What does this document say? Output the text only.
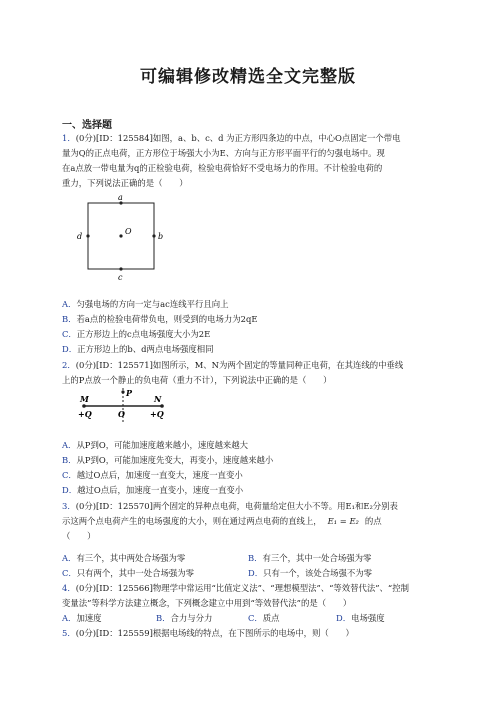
可编辑修改精选全文完整版
一、选择题
1．(0分)[ID：125584]如图，a、b、c、d 为正方形四条边的中点，中心O点固定一个带电
量为Q的正点电荷，正方形位于场强大小为E、方向与正方形平面平行的匀强电场中。现
在a点放一带电量为q的正检验电荷，检验电荷恰好不受电场力的作用。不计检验电荷的
重力，下列说法正确的是（　　）
a
c
d	b
O
A．匀强电场的方向一定与ac连线平行且向上
B．若a点的检验电荷带负电，则受到的电场力为2qE
C．正方形边上的c点电场强度大小为2E
D．正方形边上的b、d两点电场强度相同
2．(0分)[ID：125571]如图所示，M、N为两个固定的等量同种正电荷，在其连线的中垂线
上的P点放一个静止的负电荷（重力不计），下列说法中正确的是（　　）
P
M	N
O
+Q	+Q
A．从P到O，可能加速度越来越小，速度越来越大
B．从P到O，可能加速度先变大，再变小，速度越来越小
C．越过O点后，加速度一直变大，速度一直变小
D．越过O点后，加速度一直变小，速度一直变小
3．(0分)[ID：125570]两个固定的异种点电荷，电荷量给定但大小不等。用E₁和E₂分别表
示这两个点电荷产生的电场强度的大小，则在通过两点电荷的直线上， E₁ = E₂ 的点
（　　）
A．有三个，其中两处合场强为零	B．有三个，其中一处合场强为零
C．只有两个，其中一处合场强为零	D．只有一个，该处合场强不为零
4．(0分)[ID：125566]物理学中常运用“比值定义法”、“理想模型法”、“等效替代法”、“控制
变量法”等科学方法建立概念，下列概念建立中用到“等效替代法”的是（　　）
A．加速度	B．合力与分力	C．质点	D．电场强度
5．(0分)[ID：125559]根据电场线的特点，在下图所示的电场中，则（　　）
